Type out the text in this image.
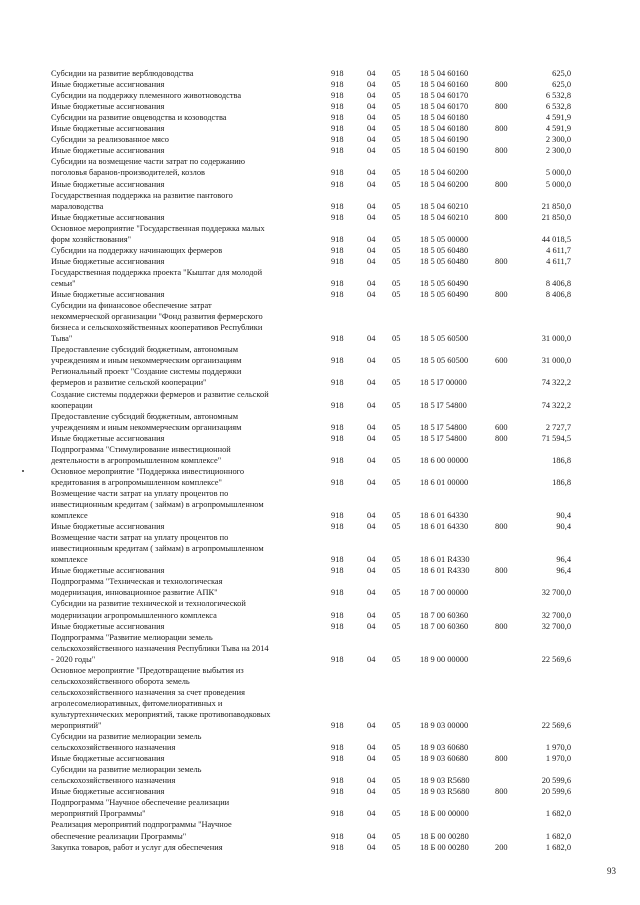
Субсидии на развитие верблюдоводства	918	04 05 18 5 04 60160	625,0
Иные бюджетные ассигнования	918	04 05 18 5 04 60160	800	625,0
Субсидии на поддержку племенного животноводства	918	04 05 18 5 04 60170	6 532,8
Иные бюджетные ассигнования	918	04 05 18 5 04 60170	800	6 532,8
Субсидии на развитие овцеводства и козоводства	918	04 05 18 5 04 60180	4 591,9
Иные бюджетные ассигнования	918	04 05 18 5 04 60180	800	4 591,9
Субсидии за реализованное мясо	918	04 05 18 5 04 60190	2 300,0
Иные бюджетные ассигнования	918	04 05 18 5 04 60190	800	2 300,0
Субсидии на возмещение части затрат по содержанию
поголовья баранов-производителей, козлов	918	04 05 18 5 04 60200	5 000,0
Иные бюджетные ассигнования	918	04 05 18 5 04 60200	800	5 000,0
Государственная поддержка на развитие пантового
мараловодства	918	04 05 18 5 04 60210	21 850,0
Иные бюджетные ассигнования	918	04 05 18 5 04 60210	800	21 850,0
Основное мероприятие "Государственная поддержка малых
форм хозяйствования"	918	04 05 18 5 05 00000	44 018,5
Субсидии на поддержку начинающих фермеров	918	04 05 18 5 05 60480	4 611,7
Иные бюджетные ассигнования	918	04 05 18 5 05 60480	800	4 611,7
Государственная поддержка проекта "Кыштаг для молодой
семьи"	918	04 05 18 5 05 60490	8 406,8
Иные бюджетные ассигнования	918	04 05 18 5 05 60490	800	8 406,8
Субсидии на финансовое обеспечение затрат
некоммерческой организации "Фонд развития фермерского
бизнеса и сельскохозяйственных кооперативов Республики
Тыва"	918	04 05 18 5 05 60500	31 000,0
Предоставление субсидий бюджетным, автономным
учреждениям и иным некоммерческим организациям	918	04 05 18 5 05 60500	600	31 000,0
Региональный проект "Создание системы поддержки
фермеров и развитие сельской кооперации"	918	04 05 18 5 I7 00000	74 322,2
Создание системы поддержки фермеров и развитие сельской
кооперации	918	04 05 18 5 I7 54800	74 322,2
Предоставление субсидий бюджетным, автономным
учреждениям и иным некоммерческим организациям	918	04 05 18 5 I7 54800	600	2 727,7
Иные бюджетные ассигнования	918	04 05 18 5 I7 54800	800	71 594,5
Подпрограмма "Стимулирование инвестиционной
деятельности в агропромышленном комплексе"	918	04 05 18 6 00 00000	186,8
Основное мероприятие "Поддержка инвестиционного
кредитования в агропромышленном комплексе"	918	04 05 18 6 01 00000	186,8
Возмещение части затрат на уплату процентов по
инвестиционным кредитам ( займам) в агропромышленном
комплексе	918	04 05 18 6 01 64330	90,4
Иные бюджетные ассигнования	918	04 05 18 6 01 64330	800	90,4
Возмещение части затрат на уплату процентов по
инвестиционным кредитам ( займам) в агропромышленном
комплексе	918	04 05 18 6 01 R4330	96,4
Иные бюджетные ассигнования	918	04 05 18 6 01 R4330	800	96,4
Подпрограмма "Техническая и технологическая
модернизация, инновационное развитие АПК"	918	04 05 18 7 00 00000	32 700,0
Субсидии на развитие технической и технологической
модернизации агропромышленного комплекса	918	04 05 18 7 00 60360	32 700,0
Иные бюджетные ассигнования	918	04 05 18 7 00 60360	800	32 700,0
Подпрограмма "Развитие мелиорации земель
сельскохозяйственного назначения Республики Тыва на 2014
- 2020 годы"	918	04 05 18 9 00 00000	22 569,6
Основное мероприятие "Предотвращение выбытия из
сельскохозяйственного оборота земель
сельскохозяйственного назначения за счет проведения
агролесомелиоративных, фитомелиоративных и
культуртехнических мероприятий, также противопаводковых
мероприятий"	918	04 05 18 9 03 00000	22 569,6
Субсидии на развитие мелиорации земель
сельскохозяйственного назначения	918	04 05 18 9 03 60680	1 970,0
Иные бюджетные ассигнования	918	04 05 18 9 03 60680	800	1 970,0
Субсидии на развитие мелиорации земель
сельскохозяйственного назначения	918	04 05 18 9 03 R5680	20 599,6
Иные бюджетные ассигнования	918	04 05 18 9 03 R5680	800	20 599,6
Подпрограмма "Научное обеспечение реализации
мероприятий Программы"	918	04 05 18 Б 00 00000	1 682,0
Реализация мероприятий подпрограммы "Научное
обеспечение реализации Программы"	918	04 05 18 Б 00 00280	1 682,0
Закупка товаров, работ и услуг для обеспечения	918	04 05 18 Б 00 00280	200	1 682,0
93
